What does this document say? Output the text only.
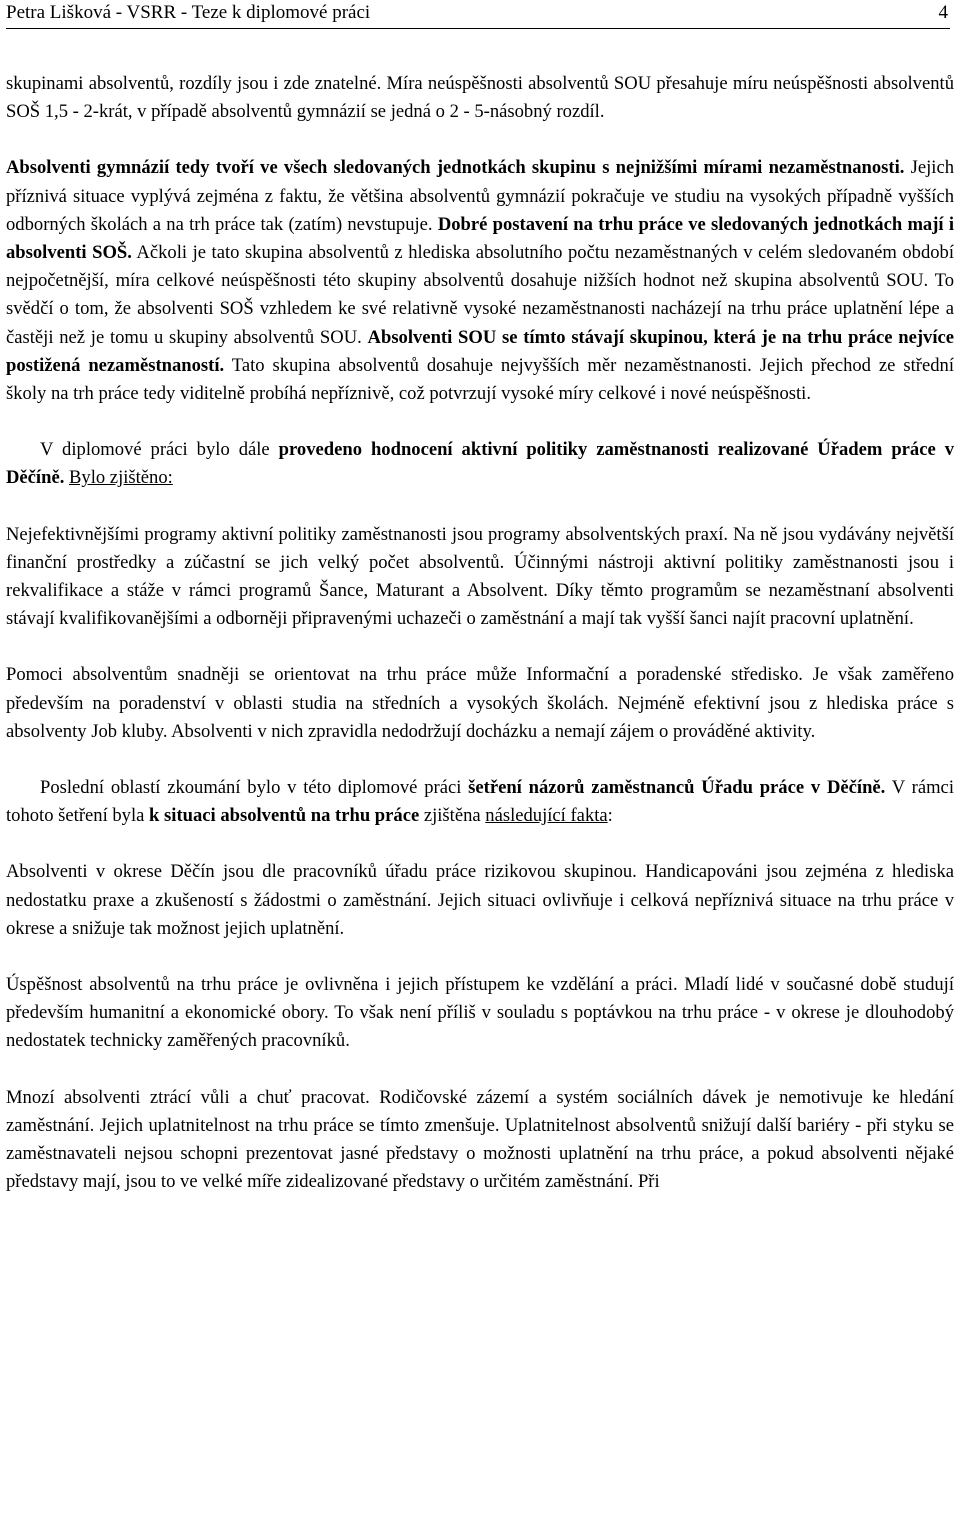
Petra Lišková - VSRR - Teze k diplomové práci	4

skupinami absolventů, rozdíly jsou i zde znatelné. Míra neúspěšnosti absolventů SOU přesahuje míru neúspěšnosti absolventů SOŠ 1,5 - 2-krát, v případě absolventů gymnázií se jedná o 2 - 5-násobný rozdíl.

Absolventi gymnázií tedy tvoří ve všech sledovaných jednotkách skupinu s nejnižšími mírami nezaměstnanosti. Jejich příznivá situace vyplývá zejména z faktu, že většina absolventů gymnázií pokračuje ve studiu na vysokých případně vyšších odborných školách a na trh práce tak (zatím) nevstupuje. Dobré postavení na trhu práce ve sledovaných jednotkách mají i absolventi SOŠ. Ačkoli je tato skupina absolventů z hlediska absolutního počtu nezaměstnaných v celém sledovaném období nejpočetnější, míra celkové neúspěšnosti této skupiny absolventů dosahuje nižších hodnot než skupina absolventů SOU. To svědčí o tom, že absolventi SOŠ vzhledem ke své relativně vysoké nezaměstnanosti nacházejí na trhu práce uplatnění lépe a častěji než je tomu u skupiny absolventů SOU. Absolventi SOU se tímto stávají skupinou, která je na trhu práce nejvíce postižená nezaměstnaností. Tato skupina absolventů dosahuje nejvyšších měr nezaměstnanosti. Jejich přechod ze střední školy na trh práce tedy viditelně probíhá nepříznivě, což potvrzují vysoké míry celkové i nové neúspěšnosti.

V diplomové práci bylo dále provedeno hodnocení aktivní politiky zaměstnanosti realizované Úřadem práce v Děčíně. Bylo zjištěno:

Nejefektivnějšími programy aktivní politiky zaměstnanosti jsou programy absolventských praxí. Na ně jsou vydávány největší finanční prostředky a zúčastní se jich velký počet absolventů. Účinnými nástroji aktivní politiky zaměstnanosti jsou i rekvalifikace a stáže v rámci programů Šance, Maturant a Absolvent. Díky těmto programům se nezaměstnaní absolventi stávají kvalifikovanějšími a odborněji připravenými uchazeči o zaměstnání a mají tak vyšší šanci najít pracovní uplatnění.

Pomoci absolventům snadněji se orientovat na trhu práce může Informační a poradenské středisko. Je však zaměřeno především na poradenství v oblasti studia na středních a vysokých školách. Nejméně efektivní jsou z hlediska práce s absolventy Job kluby. Absolventi v nich zpravidla nedodržují docházku a nemají zájem o prováděné aktivity.

Poslední oblastí zkoumání bylo v této diplomové práci šetření názorů zaměstnanců Úřadu práce v Děčíně. V rámci tohoto šetření byla k situaci absolventů na trhu práce zjištěna následující fakta:

Absolventi v okrese Děčín jsou dle pracovníků úřadu práce rizikovou skupinou. Handicapováni jsou zejména z hlediska nedostatku praxe a zkušeností s žádostmi o zaměstnání. Jejich situaci ovlivňuje i celková nepříznivá situace na trhu práce v okrese a snižuje tak možnost jejich uplatnění.

Úspěšnost absolventů na trhu práce je ovlivněna i jejich přístupem ke vzdělání a práci. Mladí lidé v současné době studují především humanitní a ekonomické obory. To však není příliš v souladu s poptávkou na trhu práce - v okrese je dlouhodobý nedostatek technicky zaměřených pracovníků.

Mnozí absolventi ztrácí vůli a chuť pracovat. Rodičovské zázemí a systém sociálních dávek je nemotivuje ke hledání zaměstnání. Jejich uplatnitelnost na trhu práce se tímto zmenšuje. Uplatnitelnost absolventů snižují další bariéry - při styku se zaměstnavateli nejsou schopni prezentovat jasné představy o možnosti uplatnění na trhu práce, a pokud absolventi nějaké představy mají, jsou to ve velké míře zidealizované představy o určitém zaměstnání. Při
